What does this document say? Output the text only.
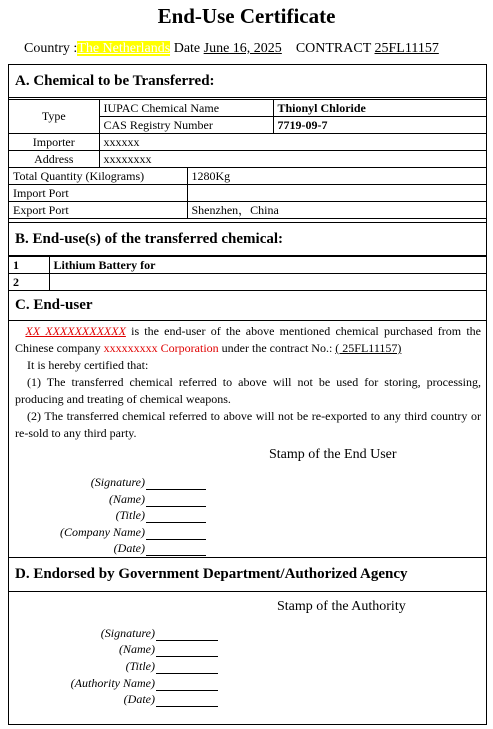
End-Use Certificate
Country :The Netherlands Date June 16, 2025 CONTRACT 25FL11157
A. Chemical to be Transferred:
Type	IUPAC Chemical Name		Thionyl Chloride
	CAS Registry Number		7719-09-7
Importer	xxxxxx		
Address	xxxxxxxx		
Total Quantity (Kilograms)		1280Kg	
Import Port			
Export Port		Shenzhen，China	
B. End-use(s) of the transferred chemical:
1	Lithium Battery for
2	
C. End-user
XX XXXXXXXXXXX is the end-user of the above mentioned chemical purchased from the Chinese company xxxxxxxxx Corporation under the contract No.: ( 25FL11157)
It is hereby certified that:
(1) The transferred chemical referred to above will not be used for storing, processing, producing and treating of chemical weapons.
(2) The transferred chemical referred to above will not be re-exported to any third country or re-sold to any third party.
Stamp of the End User
(Signature)
(Name)
(Title)
(Company Name)
(Date)
D. Endorsed by Government Department/Authorized Agency
Stamp of the Authority
(Signature)
(Name)
(Title)
(Authority Name)
(Date)
